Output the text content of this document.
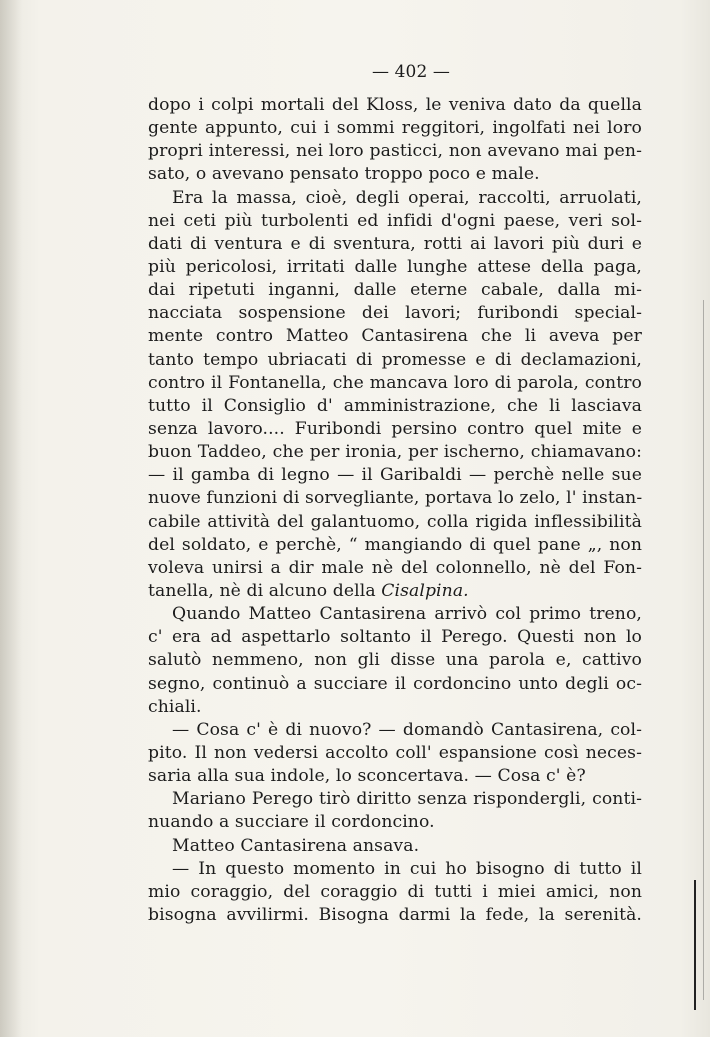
— 402 —
dopo i colpi mortali del Kloss, le veniva dato da quella
gente appunto, cui i sommi reggitori, ingolfati nei loro
propri interessi, nei loro pasticci, non avevano mai pen-
sato, o avevano pensato troppo poco e male.
Era la massa, cioè, degli operai, raccolti, arruolati,
nei ceti più turbolenti ed infidi d'ogni paese, veri sol-
dati di ventura e di sventura, rotti ai lavori più duri e
più pericolosi, irritati dalle lunghe attese della paga,
dai ripetuti inganni, dalle eterne cabale, dalla mi-
nacciata sospensione dei lavori; furibondi special-
mente contro Matteo Cantasirena che li aveva per
tanto tempo ubriacati di promesse e di declamazioni,
contro il Fontanella, che mancava loro di parola, contro
tutto il Consiglio d' amministrazione, che li lasciava
senza lavoro.... Furibondi persino contro quel mite e
buon Taddeo, che per ironia, per ischerno, chiamavano:
— il gamba di legno — il Garibaldi — perchè nelle sue
nuove funzioni di sorvegliante, portava lo zelo, l' instan-
cabile attività del galantuomo, colla rigida inflessibilità
del soldato, e perchè, “ mangiando di quel pane „, non
voleva unirsi a dir male nè del colonnello, nè del Fon-
tanella, nè di alcuno della Cisalpina.
Quando Matteo Cantasirena arrivò col primo treno,
c' era ad aspettarlo soltanto il Perego. Questi non lo
salutò nemmeno, non gli disse una parola e, cattivo
segno, continuò a succiare il cordoncino unto degli oc-
chiali.
— Cosa c' è di nuovo? — domandò Cantasirena, col-
pito. Il non vedersi accolto coll' espansione così neces-
saria alla sua indole, lo sconcertava. — Cosa c' è?
Mariano Perego tirò diritto senza rispondergli, conti-
nuando a succiare il cordoncino.
Matteo Cantasirena ansava.
— In questo momento in cui ho bisogno di tutto il
mio coraggio, del coraggio di tutti i miei amici, non
bisogna avvilirmi. Bisogna darmi la fede, la serenità.
